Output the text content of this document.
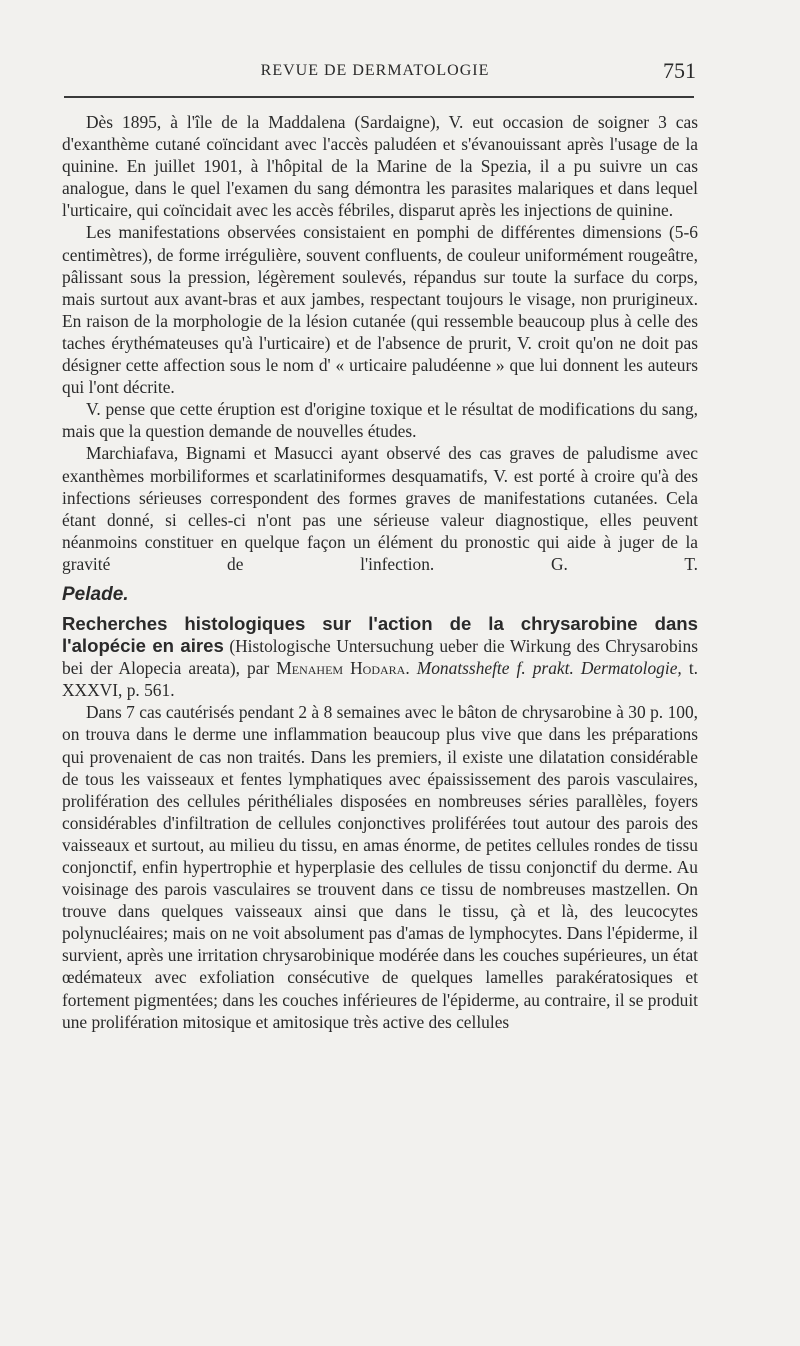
REVUE DE DERMATOLOGIE	751

Dès 1895, à l'île de la Maddalena (Sardaigne), V. eut occasion de soigner 3 cas d'exanthème cutané coïncidant avec l'accès paludéen et s'évanouissant après l'usage de la quinine. En juillet 1901, à l'hôpital de la Marine de la Spezia, il a pu suivre un cas analogue, dans le quel l'examen du sang démontra les parasites malariques et dans lequel l'urticaire, qui coïncidait avec les accès fébriles, disparut après les injections de quinine.

Les manifestations observées consistaient en pomphi de différentes dimensions (5-6 centimètres), de forme irrégulière, souvent confluents, de couleur uniformément rougeâtre, pâlissant sous la pression, légèrement soulevés, répandus sur toute la surface du corps, mais surtout aux avant-bras et aux jambes, respectant toujours le visage, non prurigineux. En raison de la morphologie de la lésion cutanée (qui ressemble beaucoup plus à celle des taches érythémateuses qu'à l'urticaire) et de l'absence de prurit, V. croit qu'on ne doit pas désigner cette affection sous le nom d' « urticaire paludéenne » que lui donnent les auteurs qui l'ont décrite.

V. pense que cette éruption est d'origine toxique et le résultat de modifications du sang, mais que la question demande de nouvelles études.

Marchiafava, Bignami et Masucci ayant observé des cas graves de paludisme avec exanthèmes morbiliformes et scarlatiniformes desquamatifs, V. est porté à croire qu'à des infections sérieuses correspondent des formes graves de manifestations cutanées. Cela étant donné, si celles-ci n'ont pas une sérieuse valeur diagnostique, elles peuvent néanmoins constituer en quelque façon un élément du pronostic qui aide à juger de la gravité de l'infection.	G. T.

Pelade.

Recherches histologiques sur l'action de la chrysarobine dans l'alopécie en aires (Histologische Untersuchung ueber die Wirkung des Chrysarobins bei der Alopecia areata), par Menahem Hodara. Monatsshefte f. prakt. Dermatologie, t. XXXVI, p. 561.

Dans 7 cas cautérisés pendant 2 à 8 semaines avec le bâton de chrysarobine à 30 p. 100, on trouva dans le derme une inflammation beaucoup plus vive que dans les préparations qui provenaient de cas non traités. Dans les premiers, il existe une dilatation considérable de tous les vaisseaux et fentes lymphatiques avec épaississement des parois vasculaires, prolifération des cellules périthéliales disposées en nombreuses séries parallèles, foyers considérables d'infiltration de cellules conjonctives proliférées tout autour des parois des vaisseaux et surtout, au milieu du tissu, en amas énorme, de petites cellules rondes de tissu conjonctif, enfin hypertrophie et hyperplasie des cellules de tissu conjonctif du derme. Au voisinage des parois vasculaires se trouvent dans ce tissu de nombreuses mastzellen. On trouve dans quelques vaisseaux ainsi que dans le tissu, çà et là, des leucocytes polynucléaires; mais on ne voit absolument pas d'amas de lymphocytes. Dans l'épiderme, il survient, après une irritation chrysarobinique modérée dans les couches supérieures, un état œdémateux avec exfoliation consécutive de quelques lamelles parakératosiques et fortement pigmentées; dans les couches inférieures de l'épiderme, au contraire, il se produit une prolifération mitosique et amitosique très active des cellules
